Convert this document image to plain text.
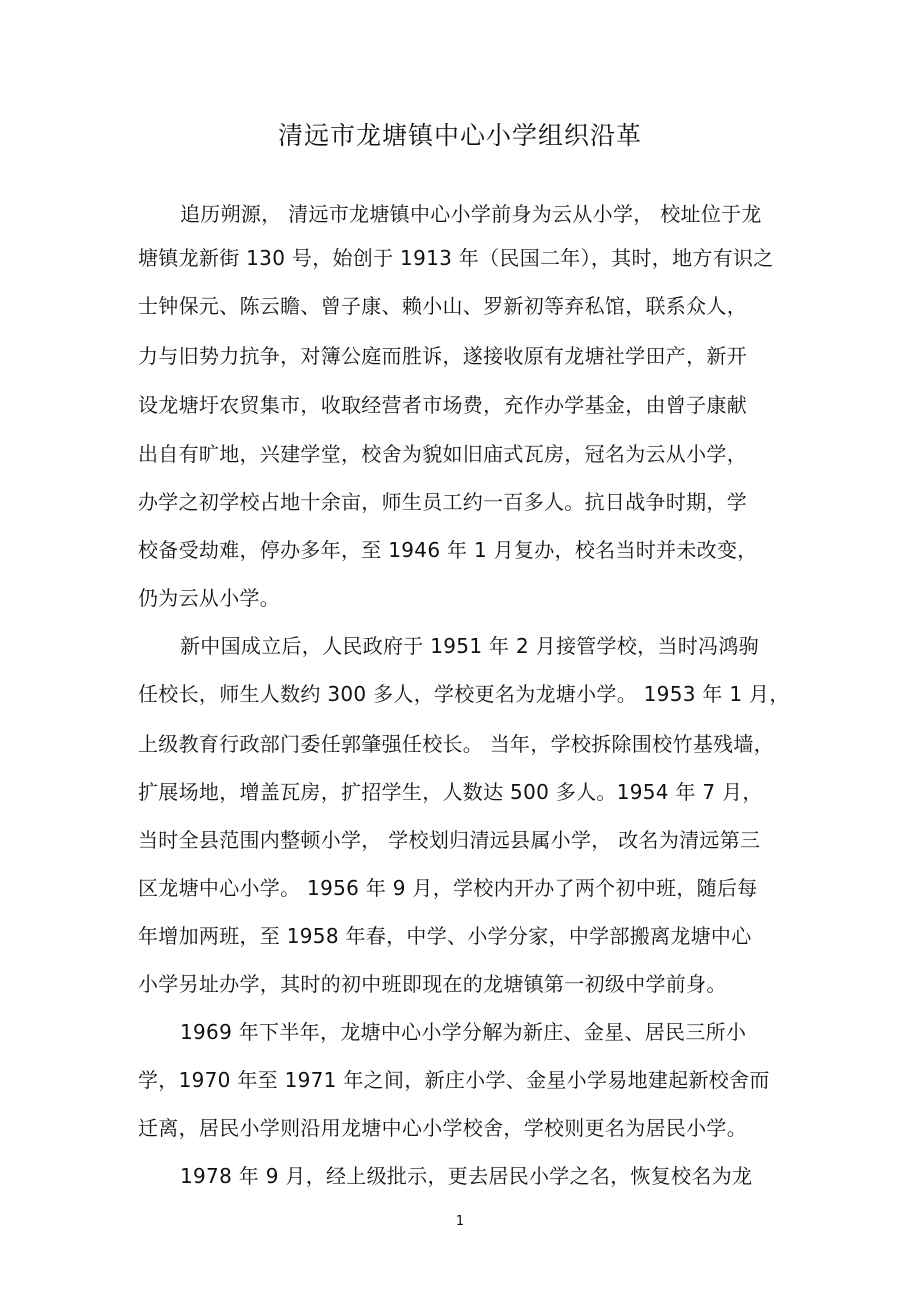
清远市龙塘镇中心小学组织沿革

追历朔源， 清远市龙塘镇中心小学前身为云从小学， 校址位于龙

塘镇龙新街 130 号，始创于 1913 年（民国二年），其时，地方有识之

士钟保元、陈云瞻、曾子康、赖小山、罗新初等弃私馆，联系众人，

力与旧势力抗争，对簿公庭而胜诉，遂接收原有龙塘社学田产，新开

设龙塘圩农贸集市，收取经营者市场费，充作办学基金，由曾子康献

出自有旷地，兴建学堂，校舍为貌如旧庙式瓦房，冠名为云从小学，

办学之初学校占地十余亩，师生员工约一百多人。抗日战争时期，学

校备受劫难，停办多年，至 1946 年 1 月复办，校名当时并未改变，

仍为云从小学。

新中国成立后，人民政府于 1951 年 2 月接管学校，当时冯鸿驹

任校长，师生人数约 300 多人，学校更名为龙塘小学。 1953 年 1 月，

上级教育行政部门委任郭肇强任校长。 当年，学校拆除围校竹基残墙，

扩展场地，增盖瓦房，扩招学生，人数达 500 多人。1954 年 7 月，

当时全县范围内整顿小学， 学校划归清远县属小学， 改名为清远第三

区龙塘中心小学。 1956 年 9 月，学校内开办了两个初中班，随后每

年增加两班，至 1958 年春，中学、小学分家，中学部搬离龙塘中心

小学另址办学，其时的初中班即现在的龙塘镇第一初级中学前身。

1969 年下半年，龙塘中心小学分解为新庄、金星、居民三所小

学，1970 年至 1971 年之间，新庄小学、金星小学易地建起新校舍而

迁离，居民小学则沿用龙塘中心小学校舍，学校则更名为居民小学。

1978 年 9 月，经上级批示，更去居民小学之名，恢复校名为龙

1
